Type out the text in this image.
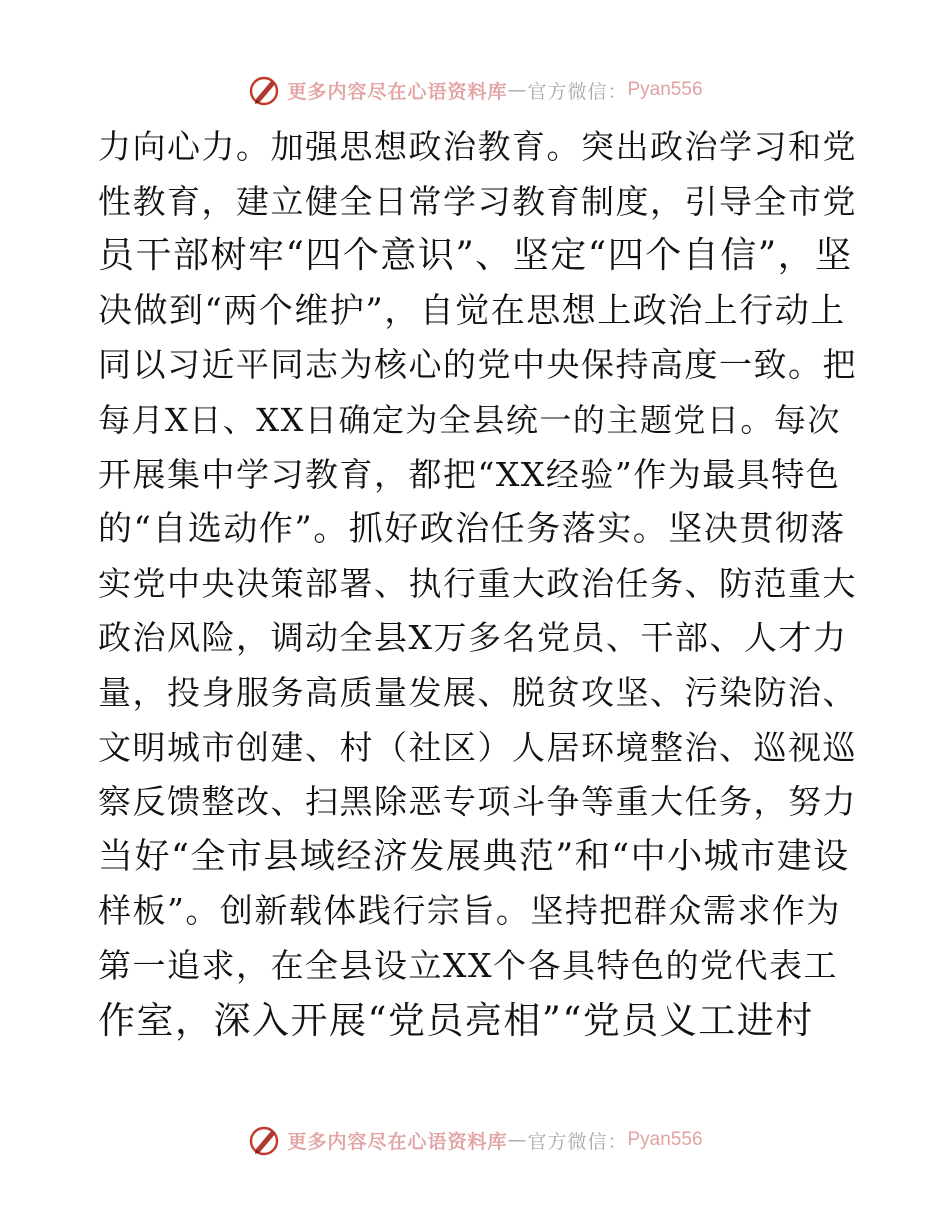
更多内容尽在心语资料库 — 官方微信： Pyan556
力向心力。加强思想政治教育。突出政治学习和党
性教育，建立健全日常学习教育制度，引导全市党
员干部树牢“四个意识”、坚定“四个自信”，坚
决做到“两个维护”，自觉在思想上政治上行动上
同以习近平同志为核心的党中央保持高度一致。把
每月X日、XX日确定为全县统一的主题党日。每次
开展集中学习教育，都把“XX经验”作为最具特色
的“自选动作”。抓好政治任务落实。坚决贯彻落
实党中央决策部署、执行重大政治任务、防范重大
政治风险，调动全县X万多名党员、干部、人才力
量，投身服务高质量发展、脱贫攻坚、污染防治、
文明城市创建、村（社区）人居环境整治、巡视巡
察反馈整改、扫黑除恶专项斗争等重大任务，努力
当好“全市县域经济发展典范”和“中小城市建设
样板”。创新载体践行宗旨。坚持把群众需求作为
第一追求，在全县设立XX个各具特色的党代表工
作室，深入开展“党员亮相”“党员义工进村
更多内容尽在心语资料库 — 官方微信： Pyan556
